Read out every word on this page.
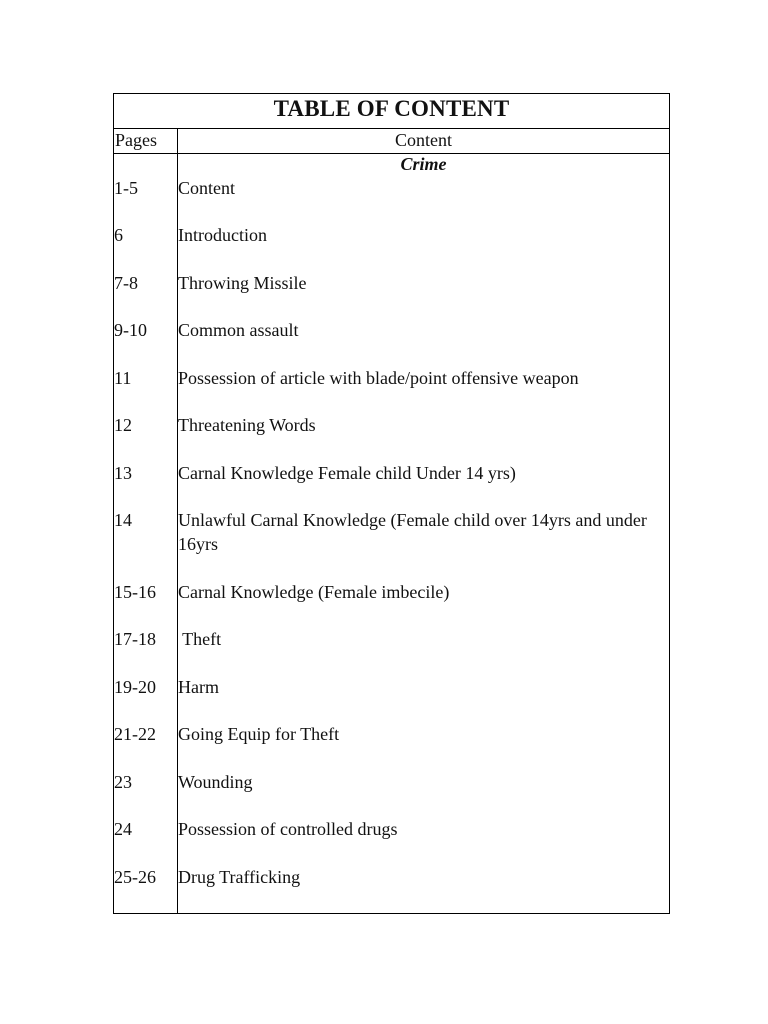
TABLE OF CONTENT
Pages	Content
Crime
1-5	Content
6	Introduction
7-8	Throwing Missile
9-10	Common assault
11	Possession of article with blade/point offensive weapon
12	Threatening Words
13	Carnal Knowledge Female child Under 14 yrs)
14	Unlawful Carnal Knowledge (Female child over 14yrs and under 16yrs
15-16	Carnal Knowledge (Female imbecile)
17-18	Theft
19-20	Harm
21-22	Going Equip for Theft
23	Wounding
24	Possession of controlled drugs
25-26	Drug Trafficking
